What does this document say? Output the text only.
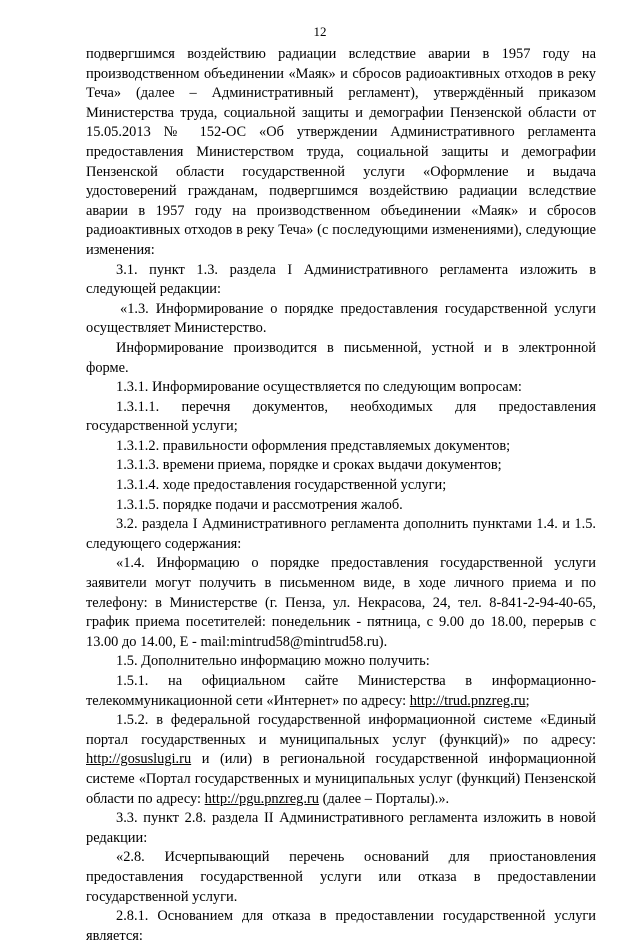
12

подвергшимся воздействию радиации вследствие аварии в 1957 году на производственном объединении «Маяк» и сбросов радиоактивных отходов в реку Теча» (далее – Административный регламент), утверждённый приказом Министерства труда, социальной защиты и демографии Пензенской области от 15.05.2013 № 152-ОС «Об утверждении Административного регламента предоставления Министерством труда, социальной защиты и демографии Пензенской области государственной услуги «Оформление и выдача удостоверений гражданам, подвергшимся воздействию радиации вследствие аварии в 1957 году на производственном объединении «Маяк» и сбросов радиоактивных отходов в реку Теча» (с последующими изменениями), следующие изменения:

3.1. пункт 1.3. раздела I Административного регламента изложить в следующей редакции:

«1.3. Информирование о порядке предоставления государственной услуги осуществляет Министерство.

Информирование производится в письменной, устной и в электронной форме.

1.3.1. Информирование осуществляется по следующим вопросам:

1.3.1.1. перечня документов, необходимых для предоставления государственной услуги;

1.3.1.2. правильности оформления представляемых документов;

1.3.1.3. времени приема, порядке и сроках выдачи документов;

1.3.1.4. ходе предоставления государственной услуги;

1.3.1.5. порядке подачи и рассмотрения жалоб.

3.2. раздела I Административного регламента дополнить пунктами 1.4. и 1.5. следующего содержания:

«1.4. Информацию о порядке предоставления государственной услуги заявители могут получить в письменном виде, в ходе личного приема и по телефону: в Министерстве (г. Пенза, ул. Некрасова, 24, тел. 8-841-2-94-40-65, график приема посетителей: понедельник - пятница, с 9.00 до 18.00, перерыв с 13.00 до 14.00, E - mail:mintrud58@mintrud58.ru).

1.5. Дополнительно информацию можно получить:

1.5.1. на официальном сайте Министерства в информационно-телекоммуникационной сети «Интернет» по адресу: http://trud.pnzreg.ru;

1.5.2. в федеральной государственной информационной системе «Единый портал государственных и муниципальных услуг (функций)» по адресу: http://gosuslugi.ru и (или) в региональной государственной информационной системе «Портал государственных и муниципальных услуг (функций) Пензенской области по адресу: http://pgu.pnzreg.ru (далее – Порталы).».

3.3. пункт 2.8. раздела II Административного регламента изложить в новой редакции:

«2.8. Исчерпывающий перечень оснований для приостановления предоставления государственной услуги или отказа в предоставлении государственной услуги.

2.8.1. Основанием для отказа в предоставлении государственной услуги является:
